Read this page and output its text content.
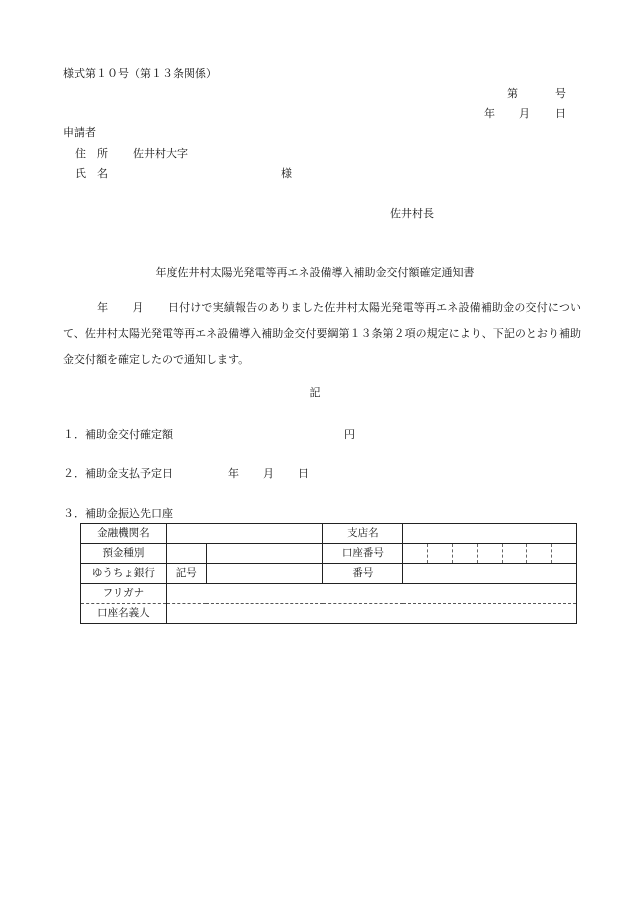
様式第１０号（第１３条関係）
第	号
年 月 日
申請者
住　所 佐井村大字
氏　名	様
佐井村長
年度佐井村太陽光発電等再エネ設備導入補助金交付額確定通知書
年 月 日付けで実績報告のありました佐井村太陽光発電等再エネ設備補助金の交付について、佐井村太陽光発電等再エネ設備導入補助金交付要綱第１３条第２項の規定により、下記のとおり補助金交付額を確定したので通知します。
記
１．補助金交付確定額	円
２．補助金支払予定日	年 月 日
３．補助金振込先口座
金融機関名			支店名	
預金種別			口座番号	

ゆうちょ銀行	記号		番号	
フリガナ				
口座名義人				
